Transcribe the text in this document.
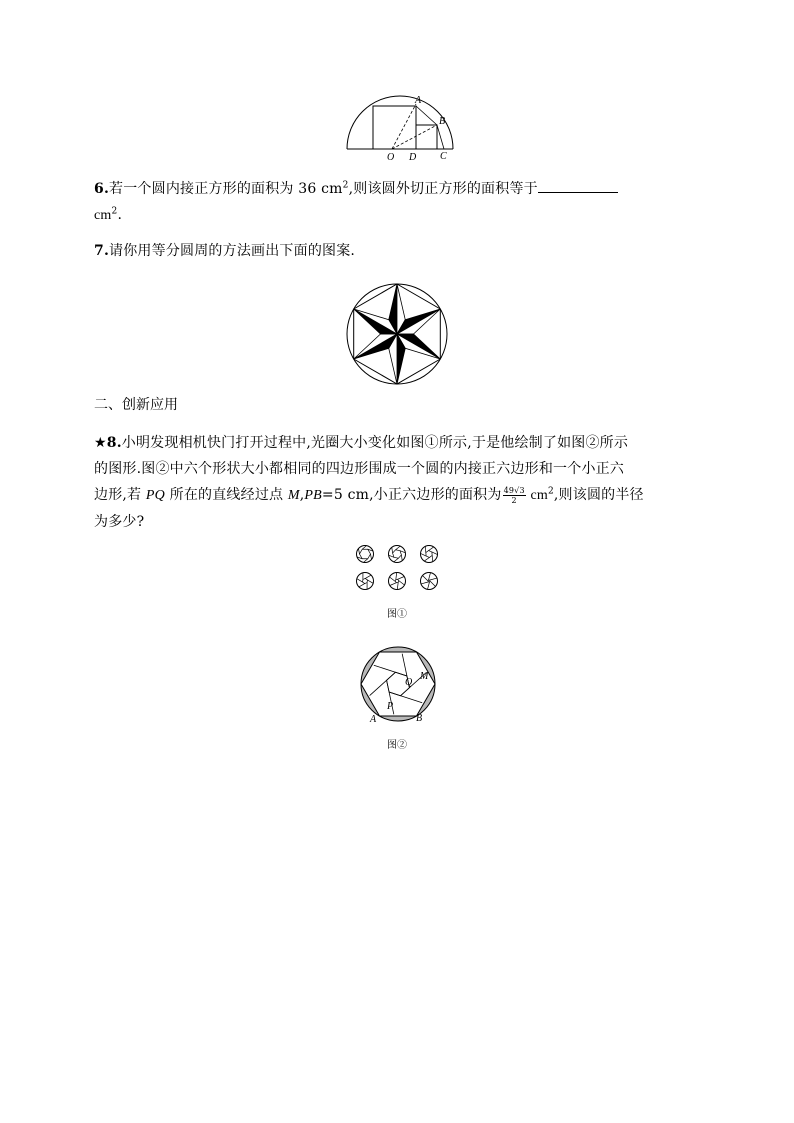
A
B
O D C
6.若一个圆内接正方形的面积为 36 $cm^2$,则该圆外切正方形的面积等于
$cm^2$.
7.请你用等分圆周的方法画出下面的图案.
二、创新应用
★8.小明发现相机快门打开过程中,光圈大小变化如图①所示,于是他绘制了如图②所示
的图形.图②中六个形状大小都相同的四边形围成一个圆的内接正六边形和一个小正六
边形,若 PQ 所在的直线经过点 M,PB=5 cm,小正六边形的面积为 $\frac{49√3}{2} cm^2$,则该圆的半径
为多少?
图①
Q
M
P
A	B
图②
